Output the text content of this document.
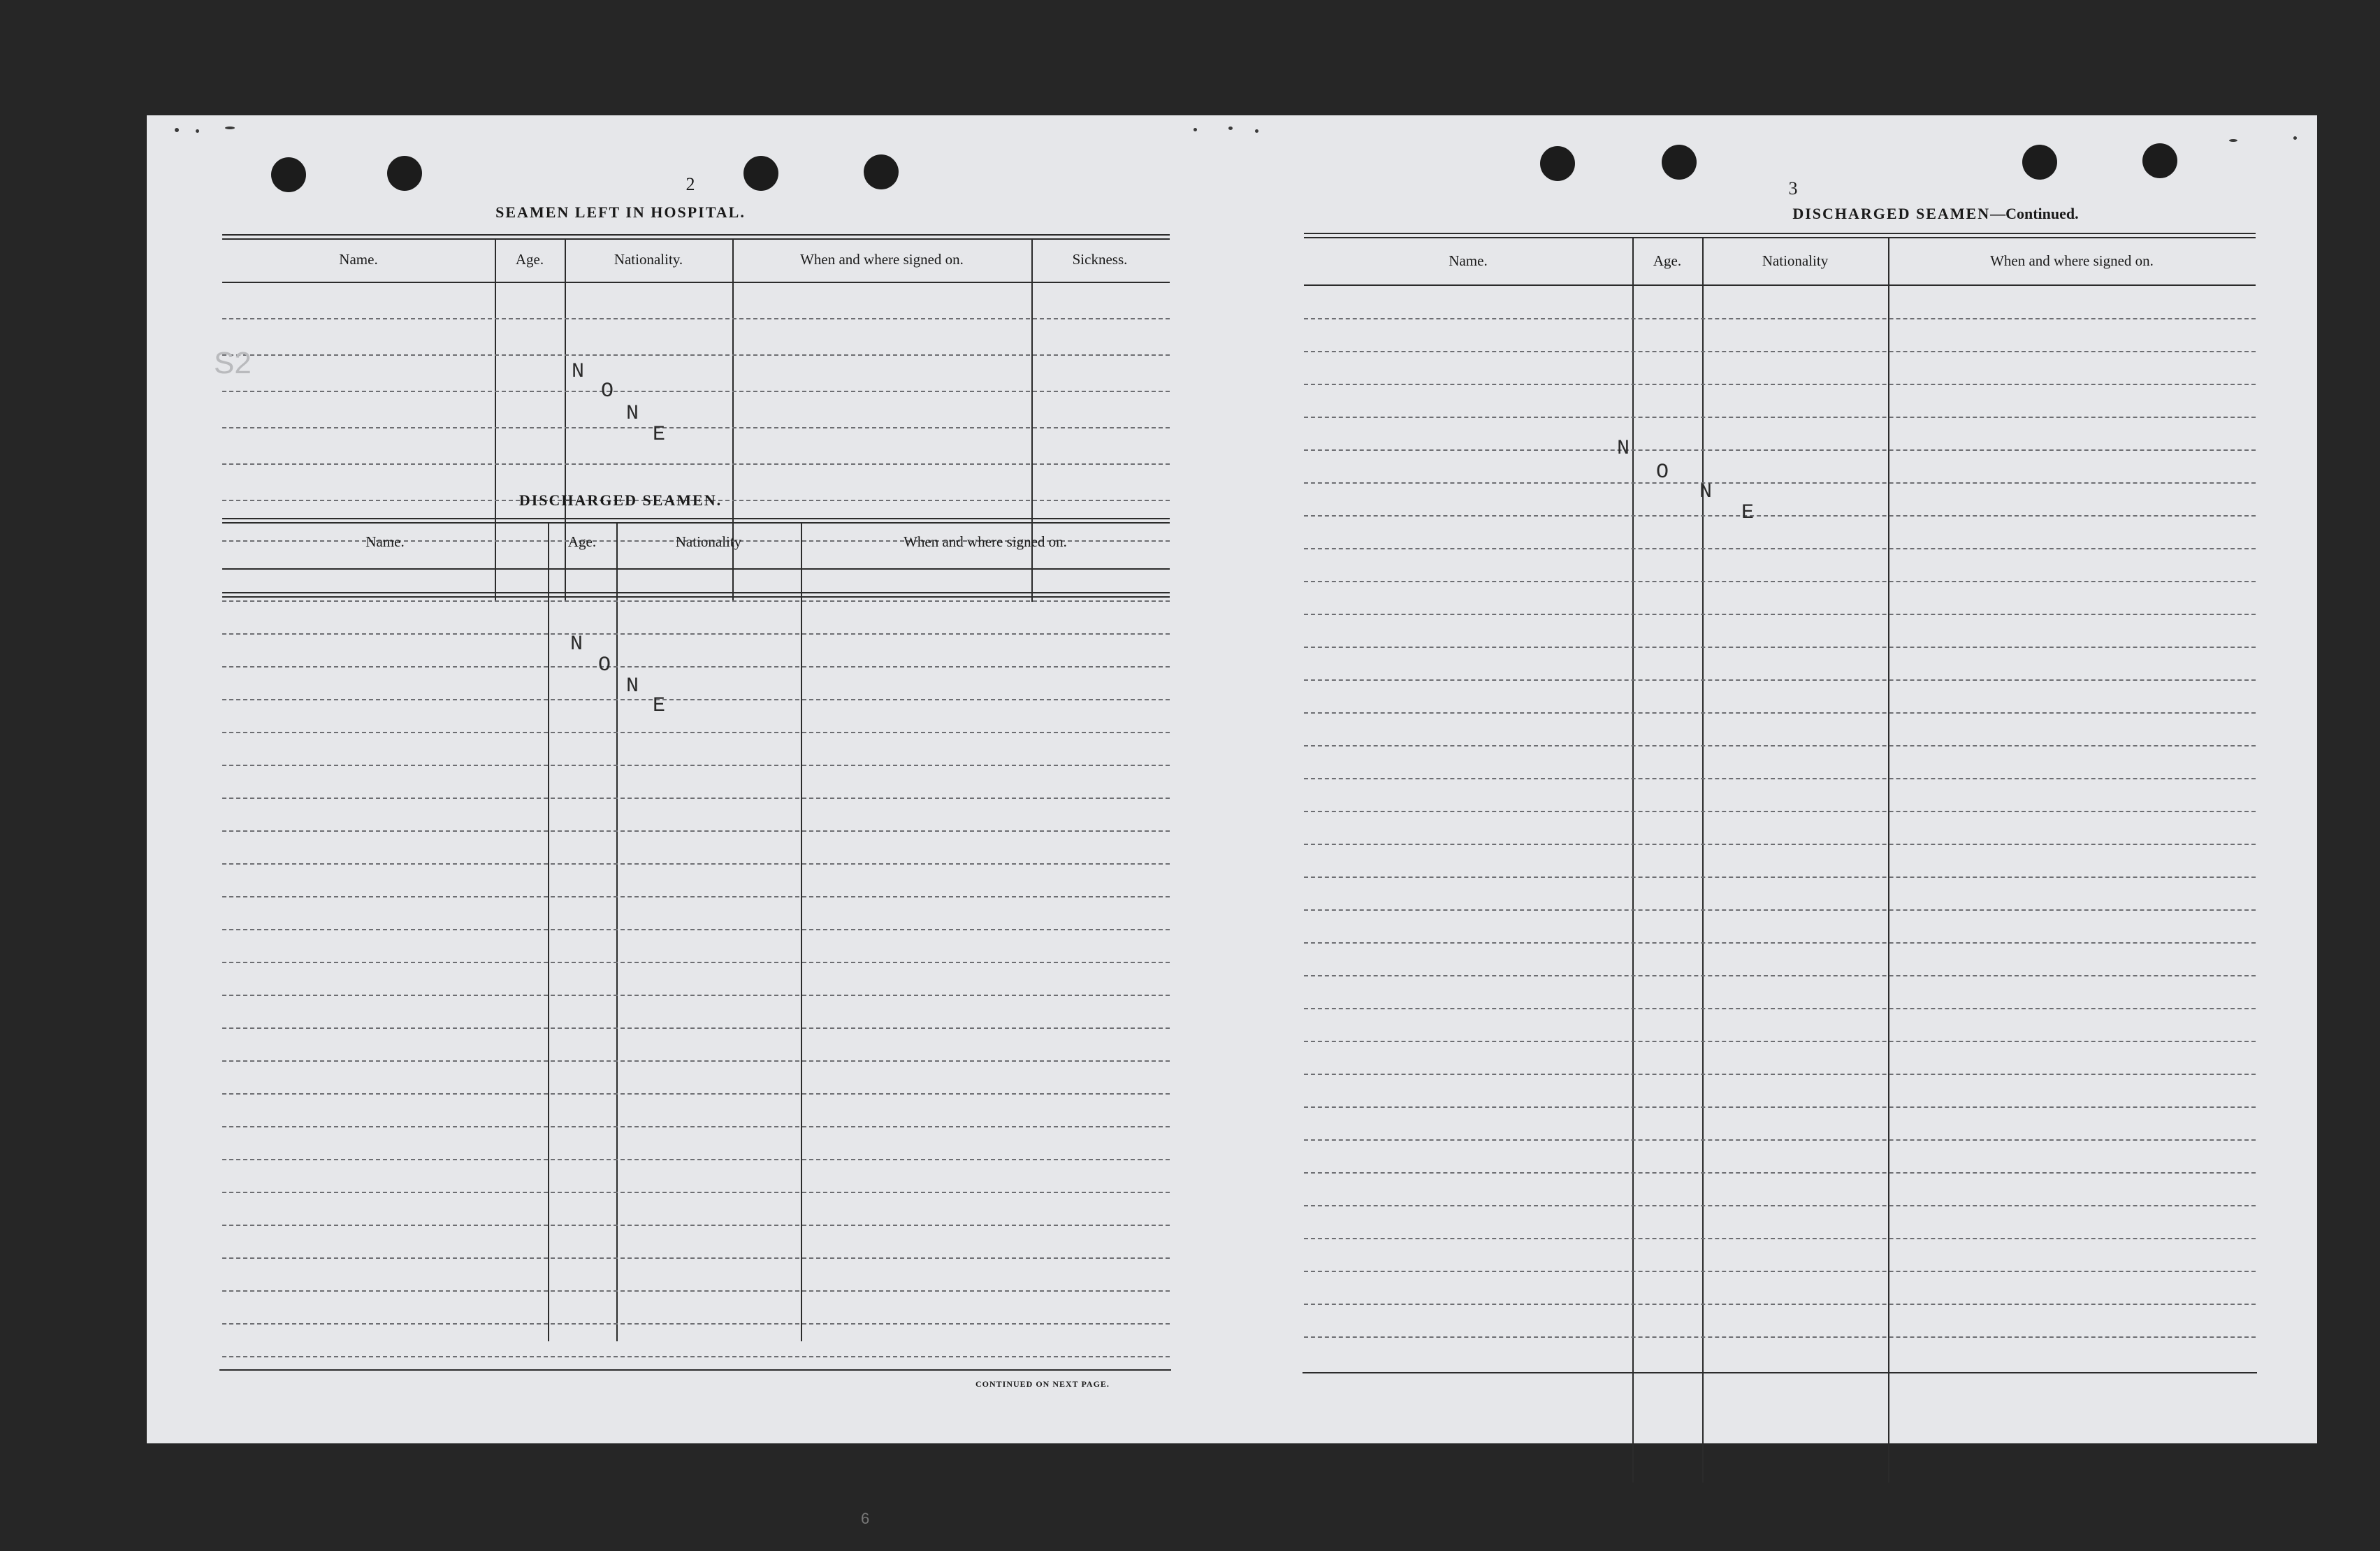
2
SEAMEN LEFT IN HOSPITAL.
Name.	Age.	Nationality.	When and where signed on.	Sickness.
N
O
N
E
S2
DISCHARGED SEAMEN.
Name.	Age.	Nationality	When and where signed on.
N
O
N
E
CONTINUED ON NEXT PAGE.
3
DISCHARGED SEAMEN—Continued.
Name.	Age.	Nationality	When and where signed on.
N
O
N
E
6
